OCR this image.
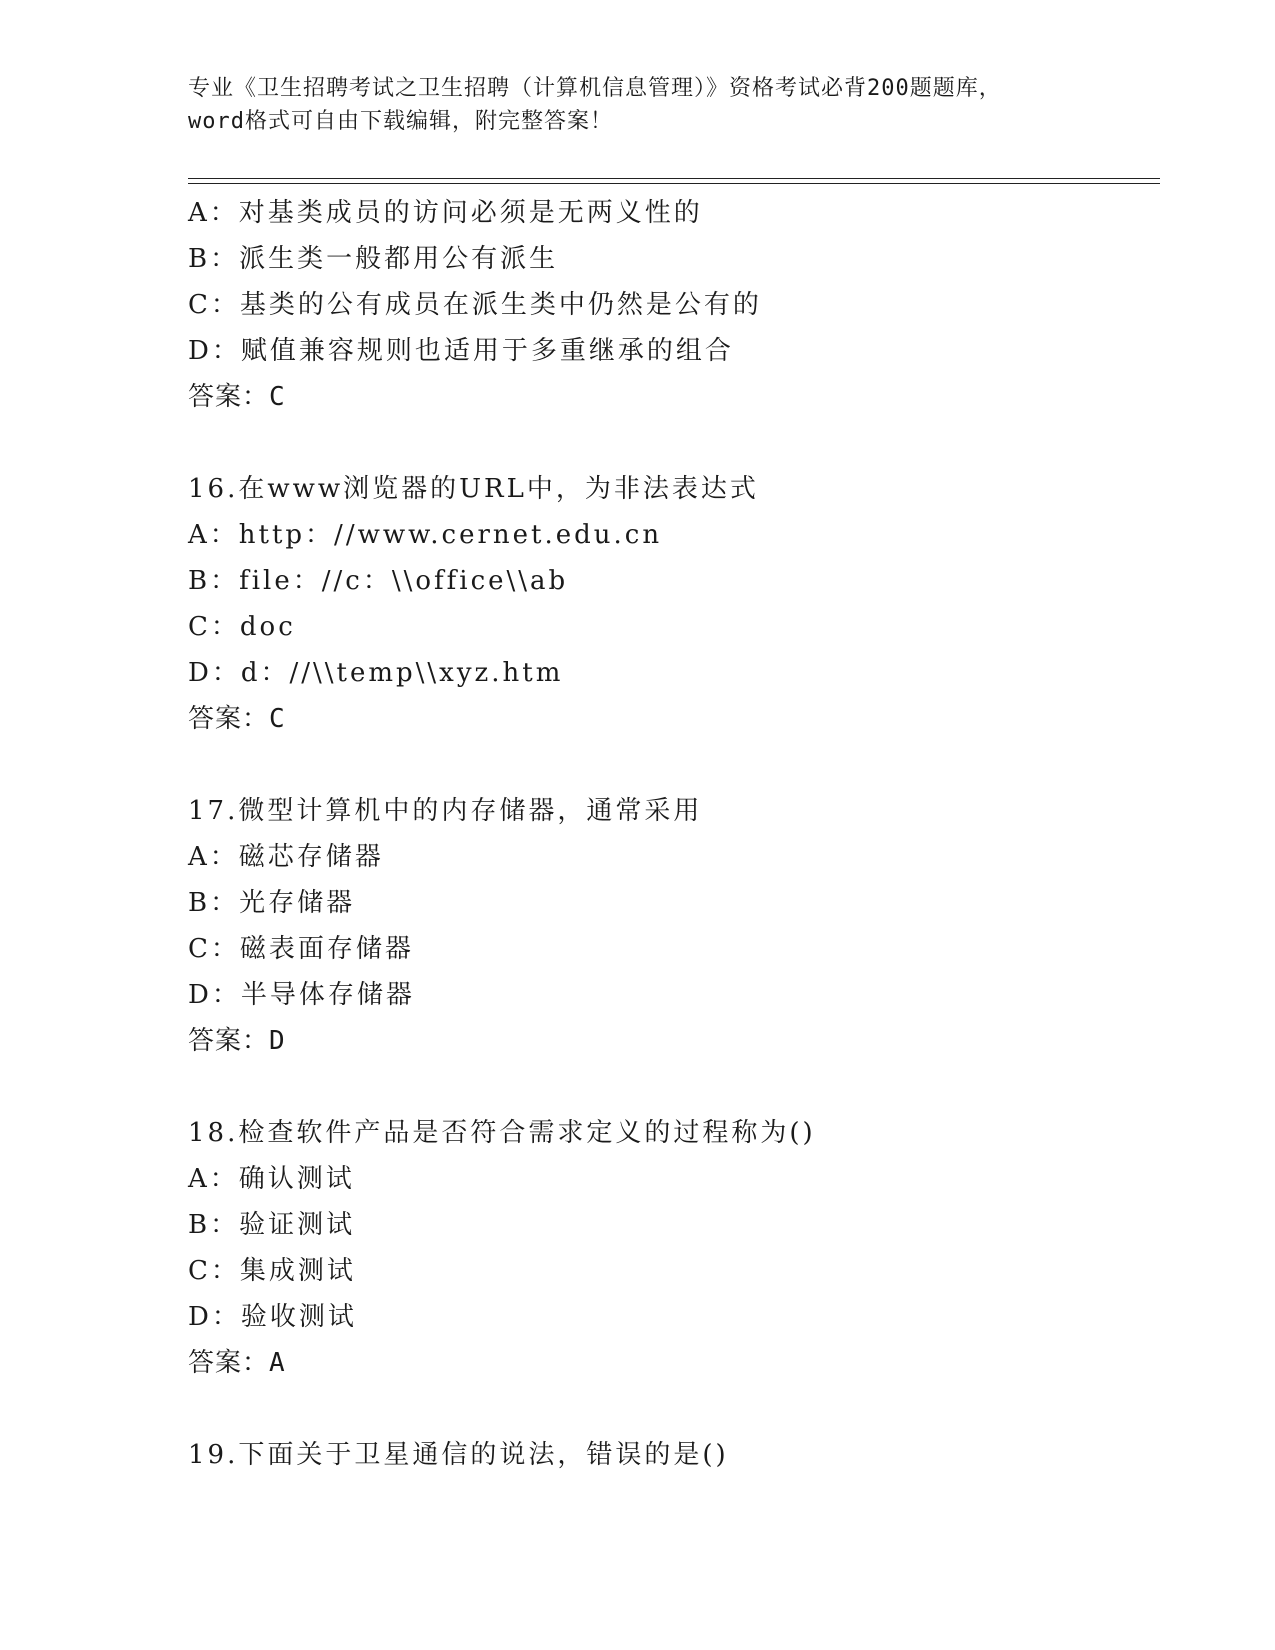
专业《卫生招聘考试之卫生招聘（计算机信息管理）》资格考试必背200题题库，
word格式可自由下载编辑，附完整答案！
A：对基类成员的访问必须是无两义性的
B：派生类一般都用公有派生
C：基类的公有成员在派生类中仍然是公有的
D：赋值兼容规则也适用于多重继承的组合
答案：C
16.在www浏览器的URL中，为非法表达式
A：http：//www.cernet.edu.cn
B：file：//c：\\office\\ab
C：doc
D：d：//\\temp\\xyz.htm
答案：C
17.微型计算机中的内存储器，通常采用
A：磁芯存储器
B：光存储器
C：磁表面存储器
D：半导体存储器
答案：D
18.检查软件产品是否符合需求定义的过程称为()
A：确认测试
B：验证测试
C：集成测试
D：验收测试
答案：A
19.下面关于卫星通信的说法，错误的是()
